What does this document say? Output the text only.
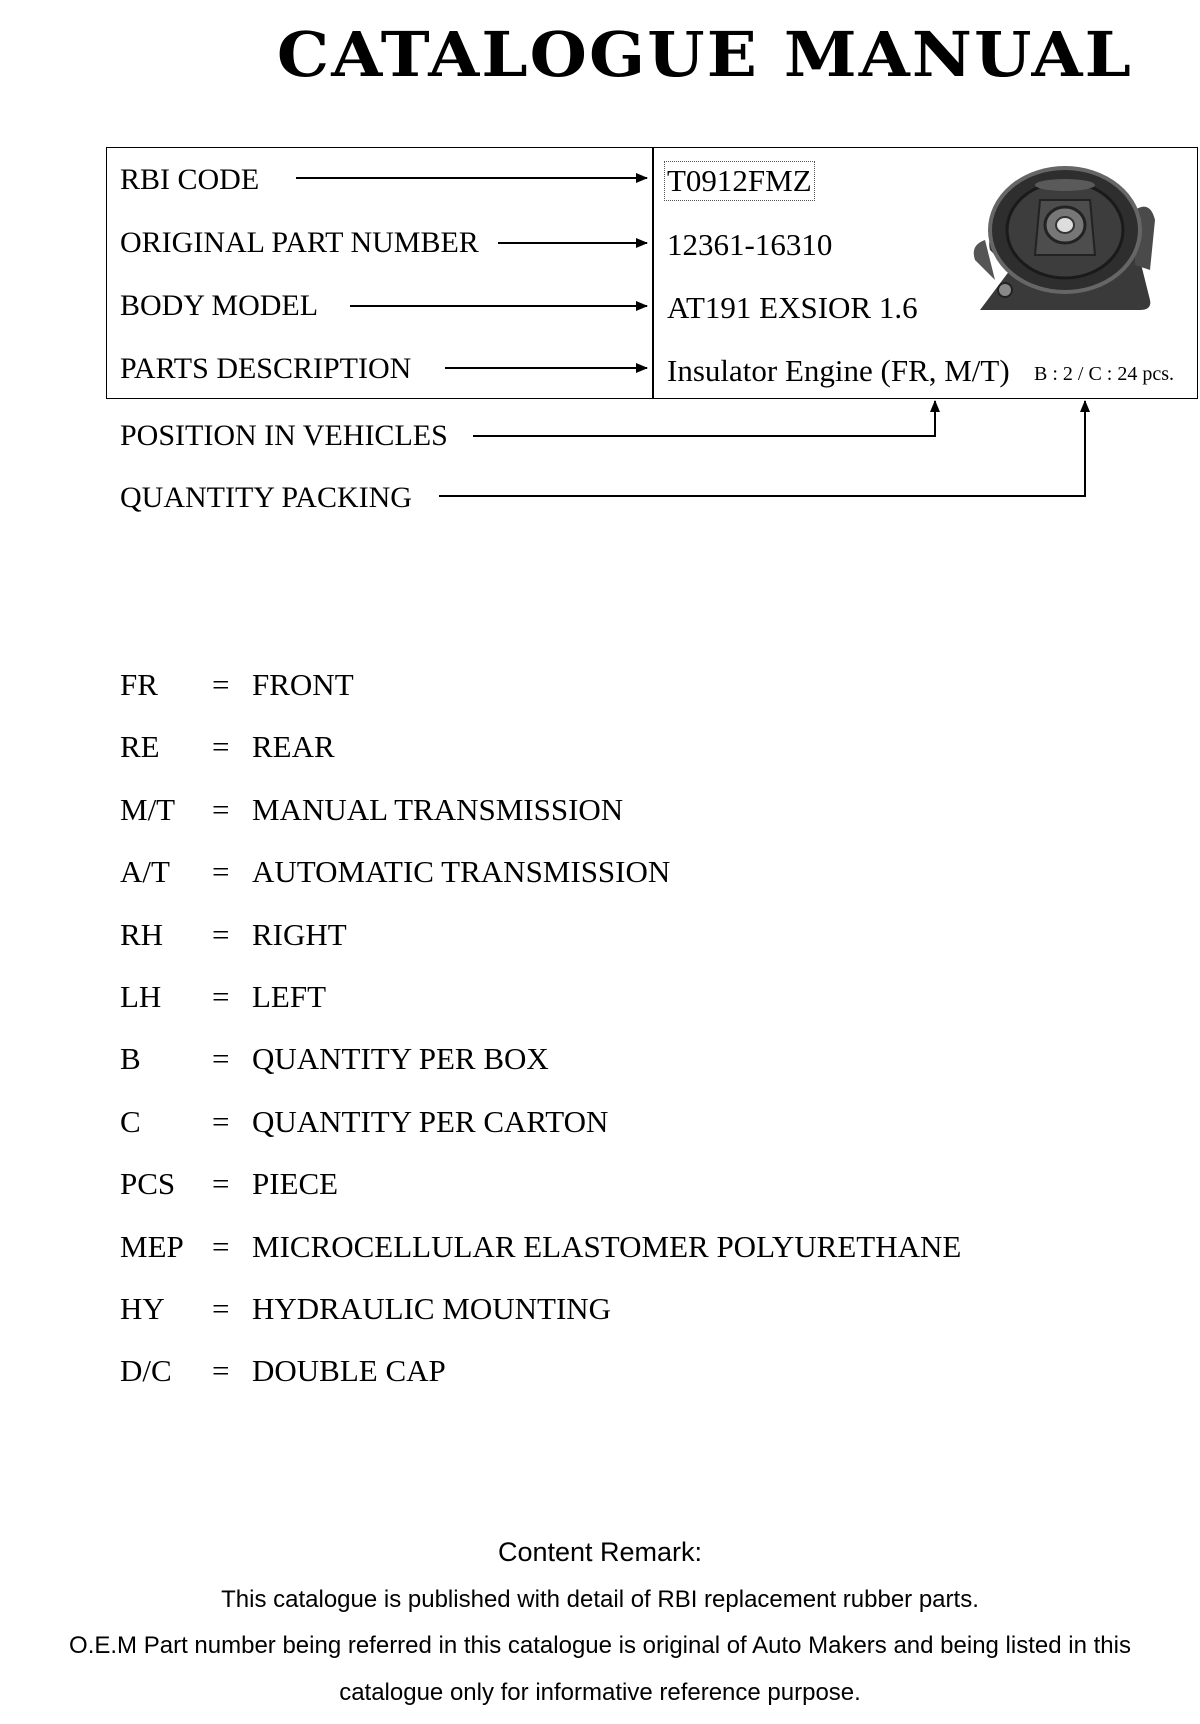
CATALOGUE MANUAL
RBI CODE
ORIGINAL PART NUMBER
BODY MODEL
PARTS DESCRIPTION
POSITION IN VEHICLES
QUANTITY PACKING
T0912FMZ
12361-16310
AT191 EXSIOR 1.6
Insulator Engine (FR, M/T) B : 2 / C : 24 pcs.
FR = FRONT
RE = REAR
M/T = MANUAL TRANSMISSION
A/T = AUTOMATIC TRANSMISSION
RH = RIGHT
LH = LEFT
B = QUANTITY PER BOX
C = QUANTITY PER CARTON
PCS = PIECE
MEP = MICROCELLULAR ELASTOMER POLYURETHANE
HY = HYDRAULIC MOUNTING
D/C = DOUBLE CAP
Content Remark:
This catalogue is published with detail of RBI replacement rubber parts.
O.E.M Part number being referred in this catalogue is original of Auto Makers and being listed in this
catalogue only for informative reference purpose.
